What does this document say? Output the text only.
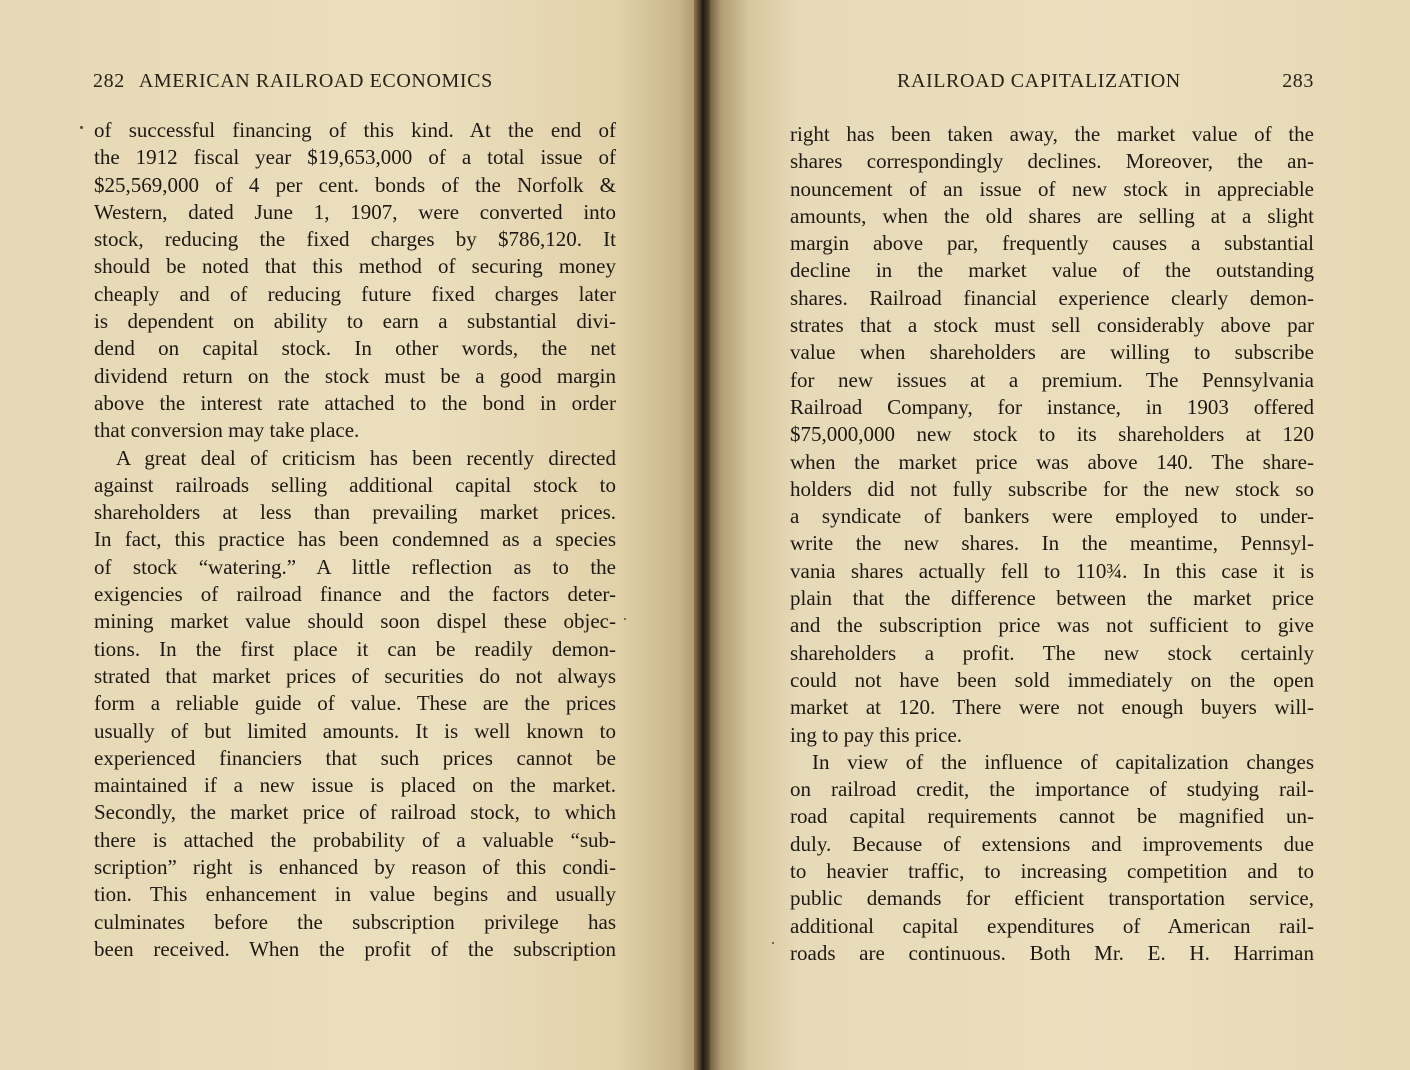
282 AMERICAN RAILROAD ECONOMICS
of successful financing of this kind. At the end of
the 1912 fiscal year $19,653,000 of a total issue of
$25,569,000 of 4 per cent. bonds of the Norfolk &
Western, dated June 1, 1907, were converted into
stock, reducing the fixed charges by $786,120. It
should be noted that this method of securing money
cheaply and of reducing future fixed charges later
is dependent on ability to earn a substantial divi-
dend on capital stock. In other words, the net
dividend return on the stock must be a good margin
above the interest rate attached to the bond in order
that conversion may take place.
A great deal of criticism has been recently directed
against railroads selling additional capital stock to
shareholders at less than prevailing market prices.
In fact, this practice has been condemned as a species
of stock “watering.” A little reflection as to the
exigencies of railroad finance and the factors deter-
mining market value should soon dispel these objec-
tions. In the first place it can be readily demon-
strated that market prices of securities do not always
form a reliable guide of value. These are the prices
usually of but limited amounts. It is well known to
experienced financiers that such prices cannot be
maintained if a new issue is placed on the market.
Secondly, the market price of railroad stock, to which
there is attached the probability of a valuable “sub-
scription” right is enhanced by reason of this condi-
tion. This enhancement in value begins and usually
culminates before the subscription privilege has
been received. When the profit of the subscription
RAILROAD CAPITALIZATION	283
right has been taken away, the market value of the
shares correspondingly declines. Moreover, the an-
nouncement of an issue of new stock in appreciable
amounts, when the old shares are selling at a slight
margin above par, frequently causes a substantial
decline in the market value of the outstanding
shares. Railroad financial experience clearly demon-
strates that a stock must sell considerably above par
value when shareholders are willing to subscribe
for new issues at a premium. The Pennsylvania
Railroad Company, for instance, in 1903 offered
$75,000,000 new stock to its shareholders at 120
when the market price was above 140. The share-
holders did not fully subscribe for the new stock so
a syndicate of bankers were employed to under-
write the new shares. In the meantime, Pennsyl-
vania shares actually fell to 110¾. In this case it is
plain that the difference between the market price
and the subscription price was not sufficient to give
shareholders a profit. The new stock certainly
could not have been sold immediately on the open
market at 120. There were not enough buyers will-
ing to pay this price.
In view of the influence of capitalization changes
on railroad credit, the importance of studying rail-
road capital requirements cannot be magnified un-
duly. Because of extensions and improvements due
to heavier traffic, to increasing competition and to
public demands for efficient transportation service,
additional capital expenditures of American rail-
roads are continuous. Both Mr. E. H. Harriman
